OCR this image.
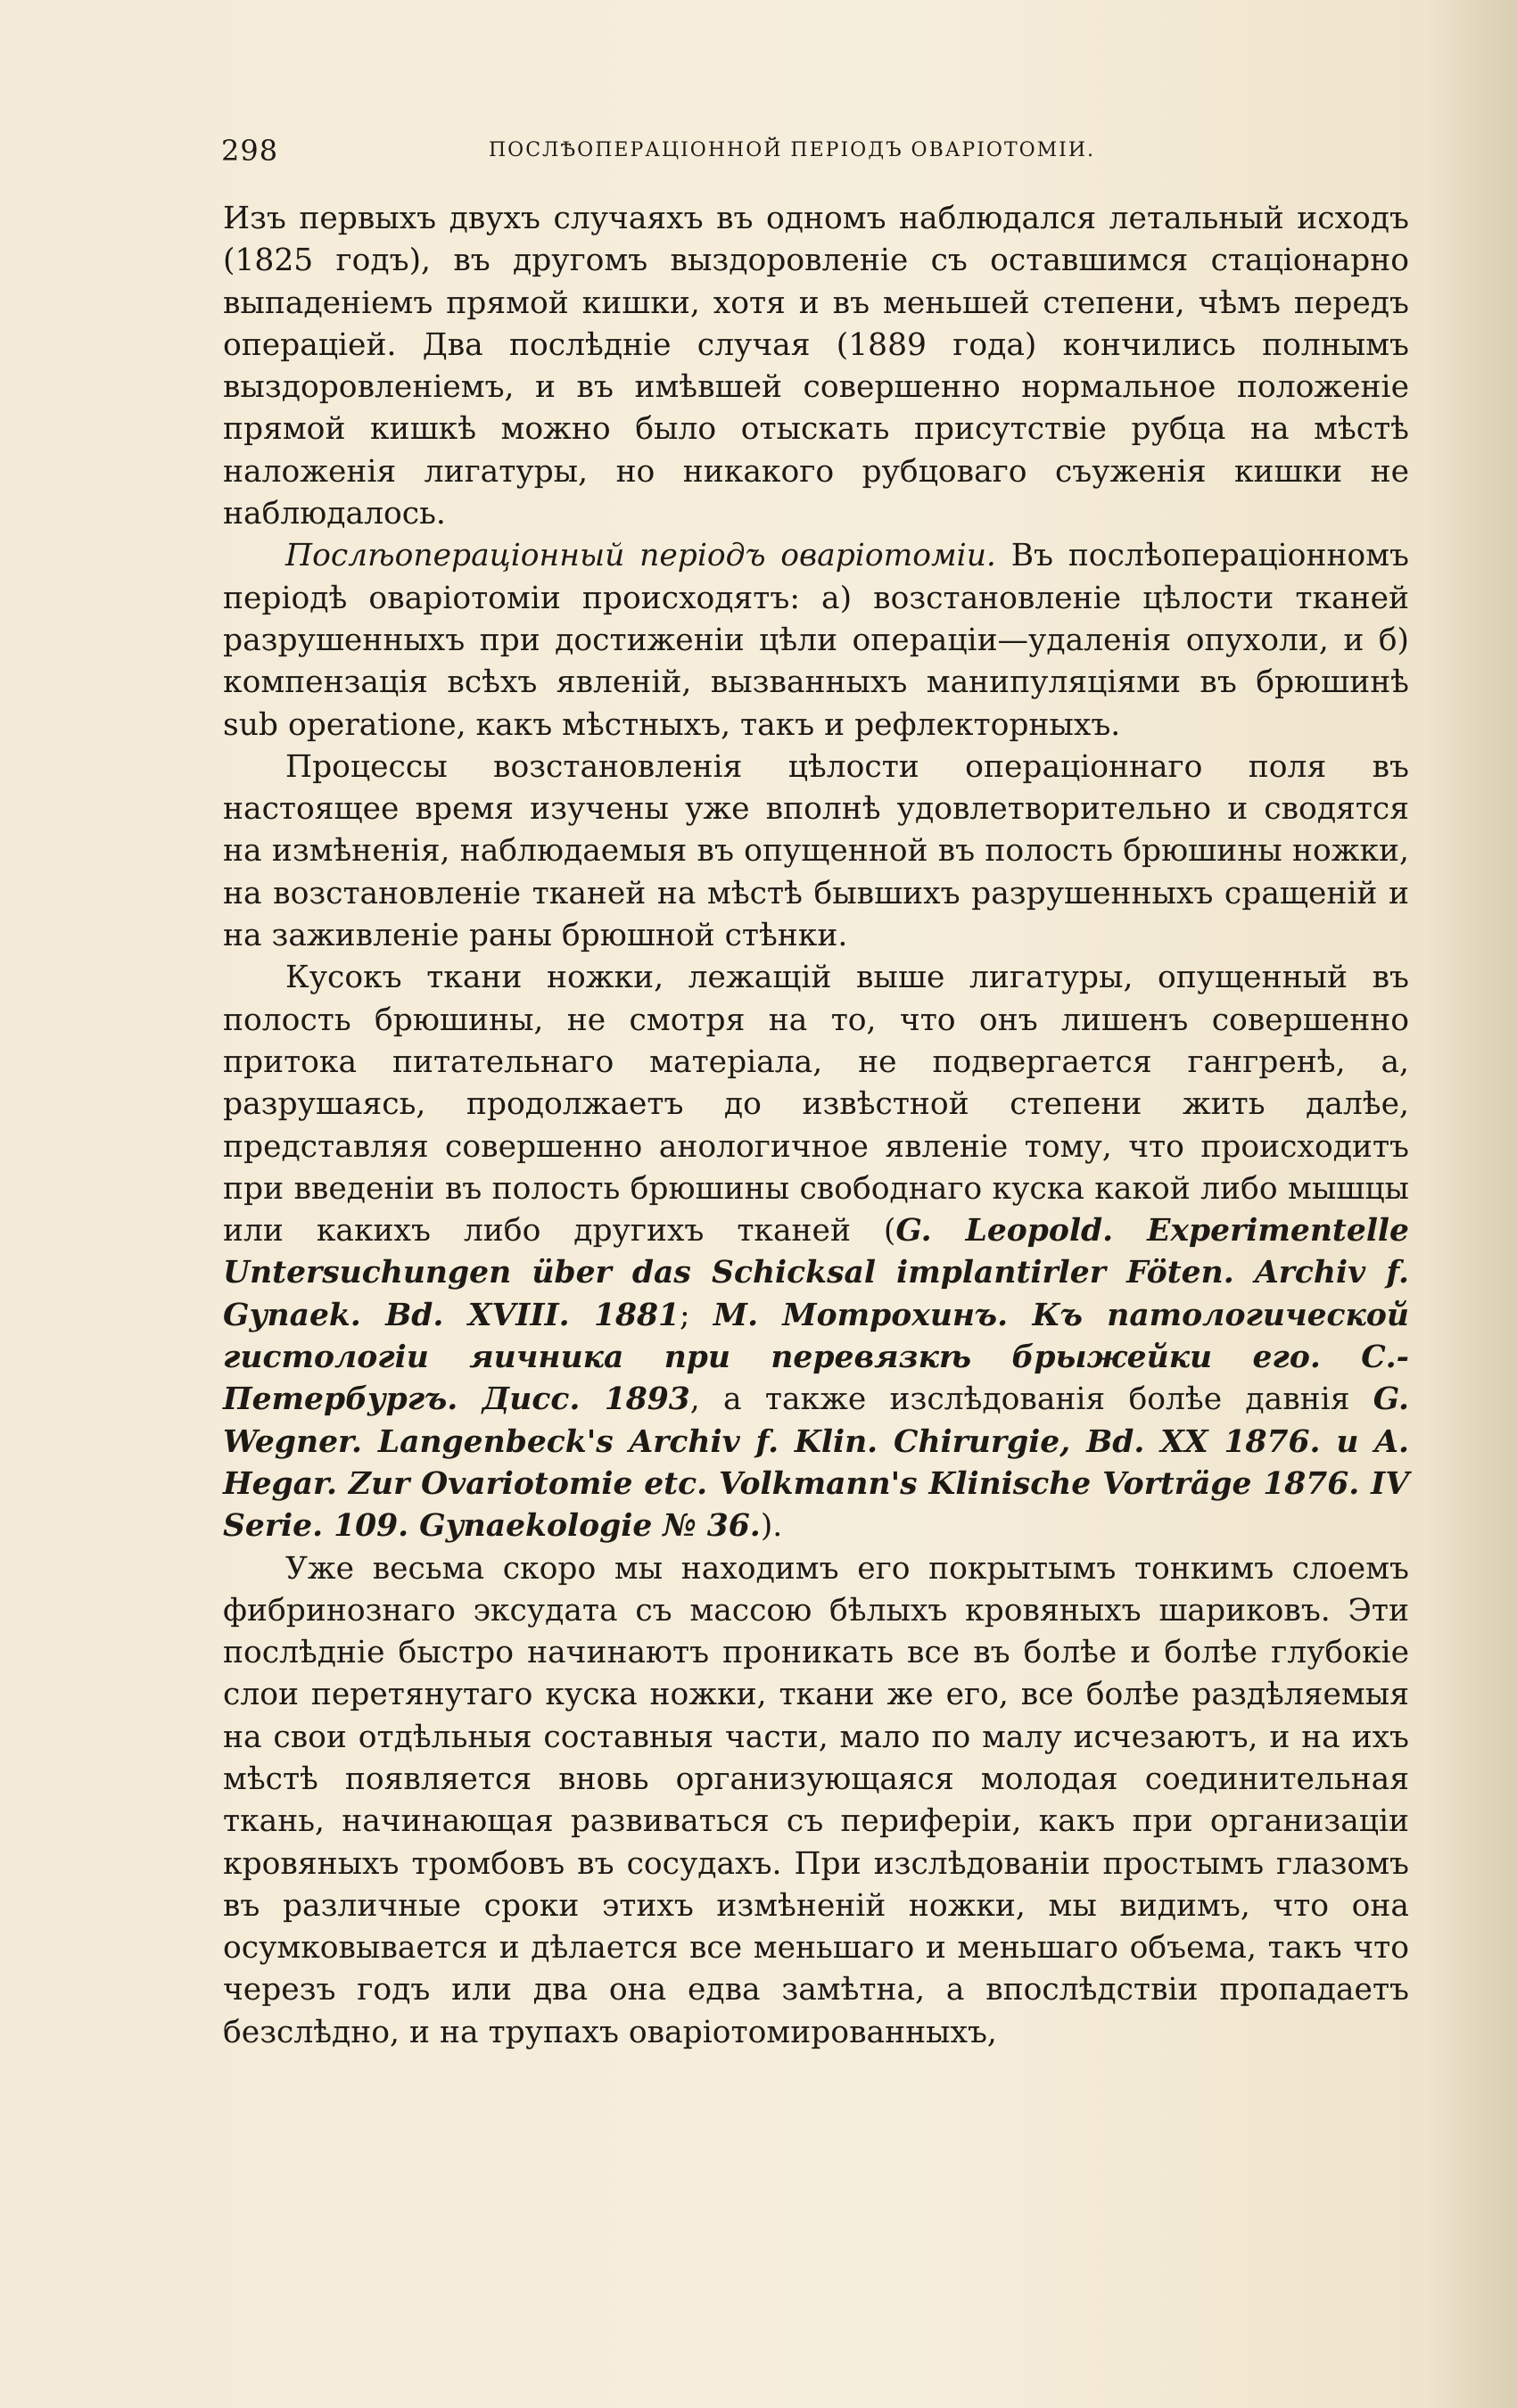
298	ПОСЛѢОПЕРАЦIОННОЙ ПЕРIОДЪ ОВАРIОТОМIИ.

Изъ первыхъ двухъ случаяхъ въ одномъ наблюдался летальный исходъ (1825 годъ), въ другомъ выздоровленiе съ оставшимся стацiонарно выпаденiемъ прямой кишки, хотя и въ меньшей степени, чѣмъ передъ операцiей. Два послѣднiе случая (1889 года) кончились полнымъ выздоровленiемъ, и въ имѣвшей совершенно нормальное положенiе прямой кишкѣ можно было отыскать присутствiе рубца на мѣстѣ наложенiя лигатуры, но никакого рубцоваго съуженiя кишки не наблюдалось.

Послѣоперацiонный перiодъ оварiотомiи. Въ послѣоперацiонномъ перiодѣ оварiотомiи происходятъ: а) возстановленiе цѣлости тканей разрушенныхъ при достиженiи цѣли операцiи—удаленiя опухоли, и б) компензацiя всѣхъ явленiй, вызванныхъ манипуляцiями въ брюшинѣ sub operatione, какъ мѣстныхъ, такъ и рефлекторныхъ.

Процессы возстановленiя цѣлости операцiоннаго поля въ настоящее время изучены уже вполнѣ удовлетворительно и сводятся на измѣненiя, наблюдаемыя въ опущенной въ полость брюшины ножки, на возстановленiе тканей на мѣстѣ бывшихъ разрушенныхъ сращенiй и на заживленiе раны брюшной стѣнки.

Кусокъ ткани ножки, лежащiй выше лигатуры, опущенный въ полость брюшины, не смотря на то, что онъ лишенъ совершенно притока питательнаго матерiала, не подвергается гангренѣ, а, разрушаясь, продолжаетъ до извѣстной степени жить далѣе, представляя совершенно анологичное явленiе тому, что происходитъ при введенiи въ полость брюшины свободнаго куска какой либо мышцы или какихъ либо другихъ тканей (G. Leopold. Experimentelle Untersuchungen über das Schicksal implantirler Föten. Archiv f. Gynaek. Bd. XVIII. 1881; М. Мотрохинъ. Къ патологической гистологiи яичника при перевязкѣ брыжейки его. С.-Петербургъ. Дисс. 1893, а также изслѣдованiя болѣе давнiя G. Wegner. Langenbeck's Archiv f. Klin. Chirurgie, Bd. XX 1876. и A. Hegar. Zur Ovariotomie etc. Volkmann's Klinische Vorträge 1876. IV Serie. 109. Gynaekologie № 36.).

Уже весьма скоро мы находимъ его покрытымъ тонкимъ слоемъ фибринознаго эксудата съ массою бѣлыхъ кровяныхъ шариковъ. Эти послѣднiе быстро начинаютъ проникать все въ болѣе и болѣе глубокiе слои перетянутаго куска ножки, ткани же его, все болѣе раздѣляемыя на свои отдѣльныя составныя части, мало по малу исчезаютъ, и на ихъ мѣстѣ появляется вновь организующаяся молодая соединительная ткань, начинающая развиваться съ периферiи, какъ при организацiи кровяныхъ тромбовъ въ сосудахъ. При изслѣдованiи простымъ глазомъ въ различные сроки этихъ измѣненiй ножки, мы видимъ, что она осумковывается и дѣлается все меньшаго и меньшаго объема, такъ что черезъ годъ или два она едва замѣтна, а впослѣдствiи пропадаетъ безслѣдно, и на трупахъ оварiотомированныхъ,
